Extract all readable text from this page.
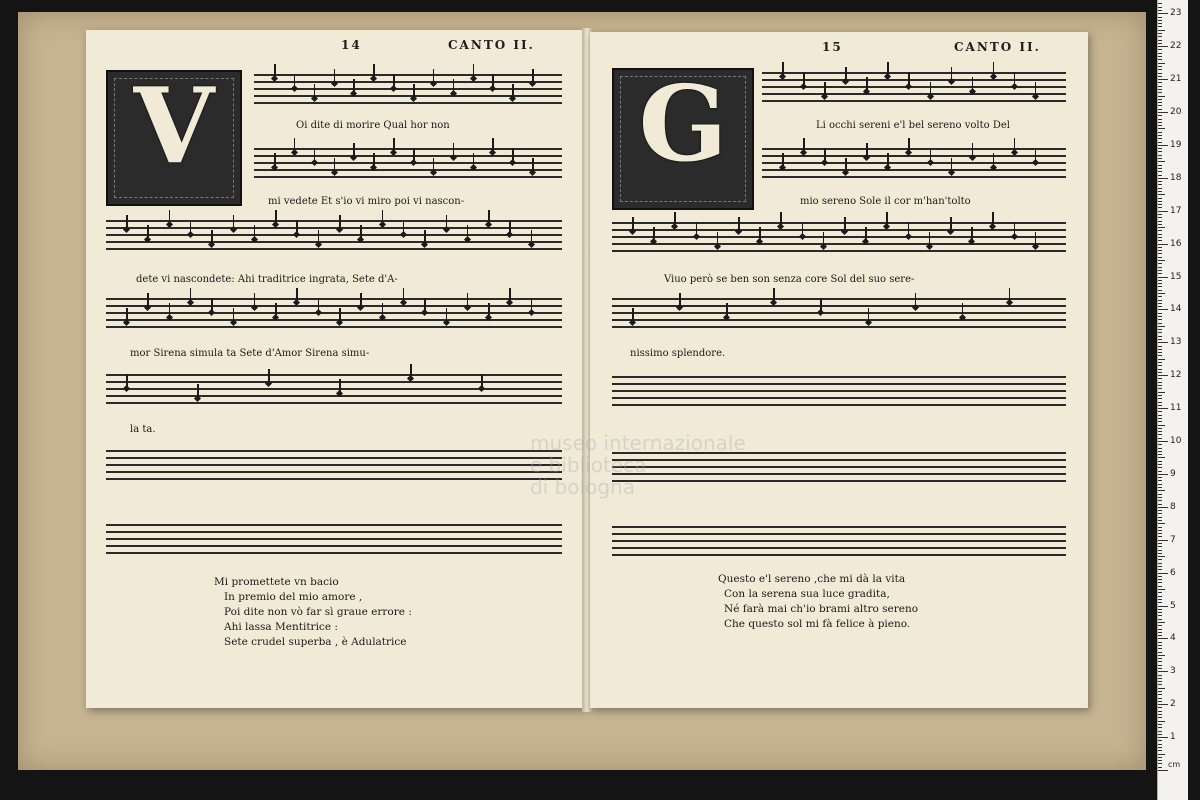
14	CANTO II.
V	Oi dite di morire Qual hor non
mi vedete Et s'io vi miro poi vi nascon-
dete vi nascondete: Ahi traditrice ingrata, Sete d'A-
mor Sirena simula ta Sete d'Amor Sirena simu-
la ta.
Mi promettete vn bacio
In premio del mio amore ,
Poi dite non vò far sì graue errore :
Ahi lassa Mentitrice :
Sete crudel superba , è Adulatrice
15	CANTO II.
G	Li occhi sereni e'l bel sereno volto Del
mio sereno Sole il cor m'han'tolto
Viuo però se ben son senza core Sol del suo sere-
nissimo splendore.
Questo e'l sereno ,che mi dà la vita
Con la serena sua luce gradita,
Né farà mai ch'io brami altro sereno
Che questo sol mi fà felice à pieno.
museo internazionale
e biblioteca
di bologna
cm
1
2
3
4
5
6
7
8
9
10
11
12
13
14
15
16
17
18
19
20
21
22
23
